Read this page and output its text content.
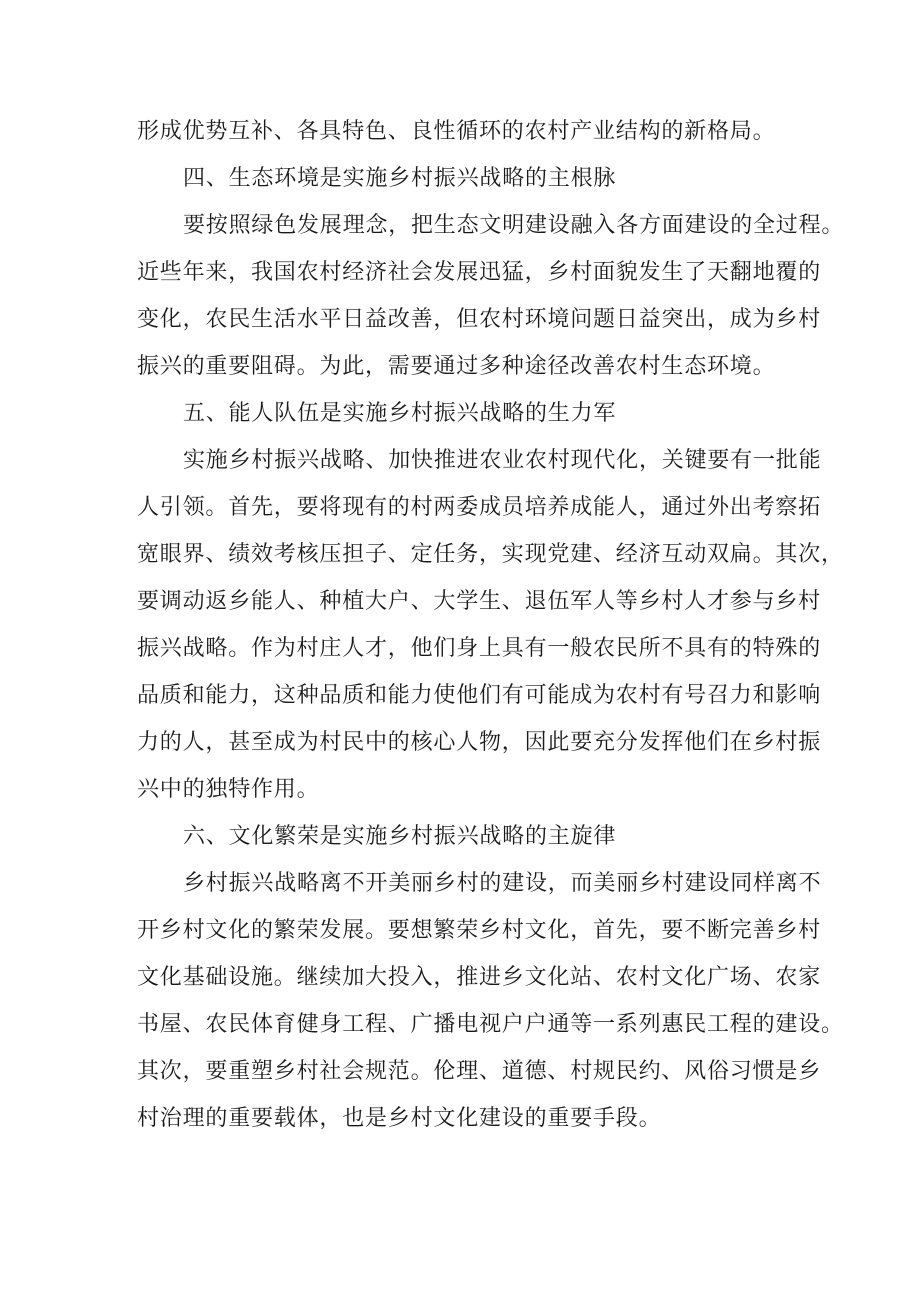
形成优势互补、各具特色、良性循环的农村产业结构的新格局。
四、生态环境是实施乡村振兴战略的主根脉
要按照绿色发展理念，把生态文明建设融入各方面建设的全过程。
近些年来，我国农村经济社会发展迅猛，乡村面貌发生了天翻地覆的
变化，农民生活水平日益改善，但农村环境问题日益突出，成为乡村
振兴的重要阻碍。为此，需要通过多种途径改善农村生态环境。
五、能人队伍是实施乡村振兴战略的生力军
实施乡村振兴战略、加快推进农业农村现代化，关键要有一批能
人引领。首先，要将现有的村两委成员培养成能人，通过外出考察拓
宽眼界、绩效考核压担子、定任务，实现党建、经济互动双扁。其次，
要调动返乡能人、种植大户、大学生、退伍军人等乡村人才参与乡村
振兴战略。作为村庄人才，他们身上具有一般农民所不具有的特殊的
品质和能力，这种品质和能力使他们有可能成为农村有号召力和影响
力的人，甚至成为村民中的核心人物，因此要充分发挥他们在乡村振
兴中的独特作用。
六、文化繁荣是实施乡村振兴战略的主旋律
乡村振兴战略离不开美丽乡村的建设，而美丽乡村建设同样离不
开乡村文化的繁荣发展。要想繁荣乡村文化，首先，要不断完善乡村
文化基础设施。继续加大投入，推进乡文化站、农村文化广场、农家
书屋、农民体育健身工程、广播电视户户通等一系列惠民工程的建设。
其次，要重塑乡村社会规范。伦理、道德、村规民约、风俗习惯是乡
村治理的重要载体，也是乡村文化建设的重要手段。
